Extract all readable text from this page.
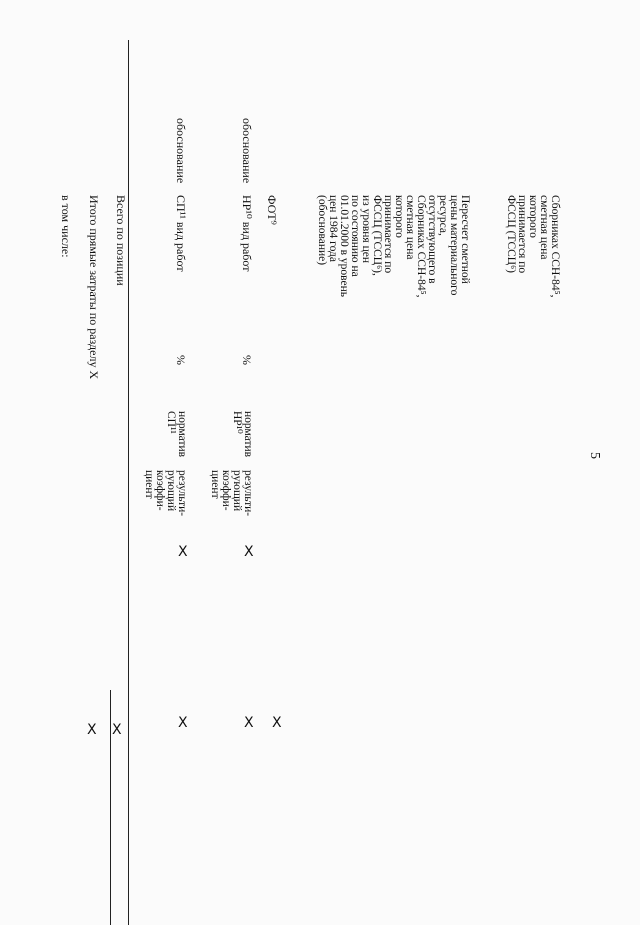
5
Сборниках ССН-84⁵,
сметная цена
которого
принимается по
ФССЦ (ТССЦ⁶)
Пересчет сметной
цены материального
ресурса,
отсутствующего в
Сборниках ССН-84⁵,
сметная цена
которого
принимается по
ФССЦ (ТССЦ⁶),
из уровня цен
по состоянию на
01.01.2000 в уровень
цен 1984 года
(обоснование)
ФОТ⁹
обоснование
НР¹⁰ вид работ
%
норматив
НР¹⁰
результи-
рующий
коэффи-
циент
обоснование
СП¹¹ вид работ
%
норматив
СП¹¹
результи-
рующий
коэффи-
циент
Всего по позиции
Итого прямые затраты по разделу X
в том числе:
X
X
X
X
X
X
X
